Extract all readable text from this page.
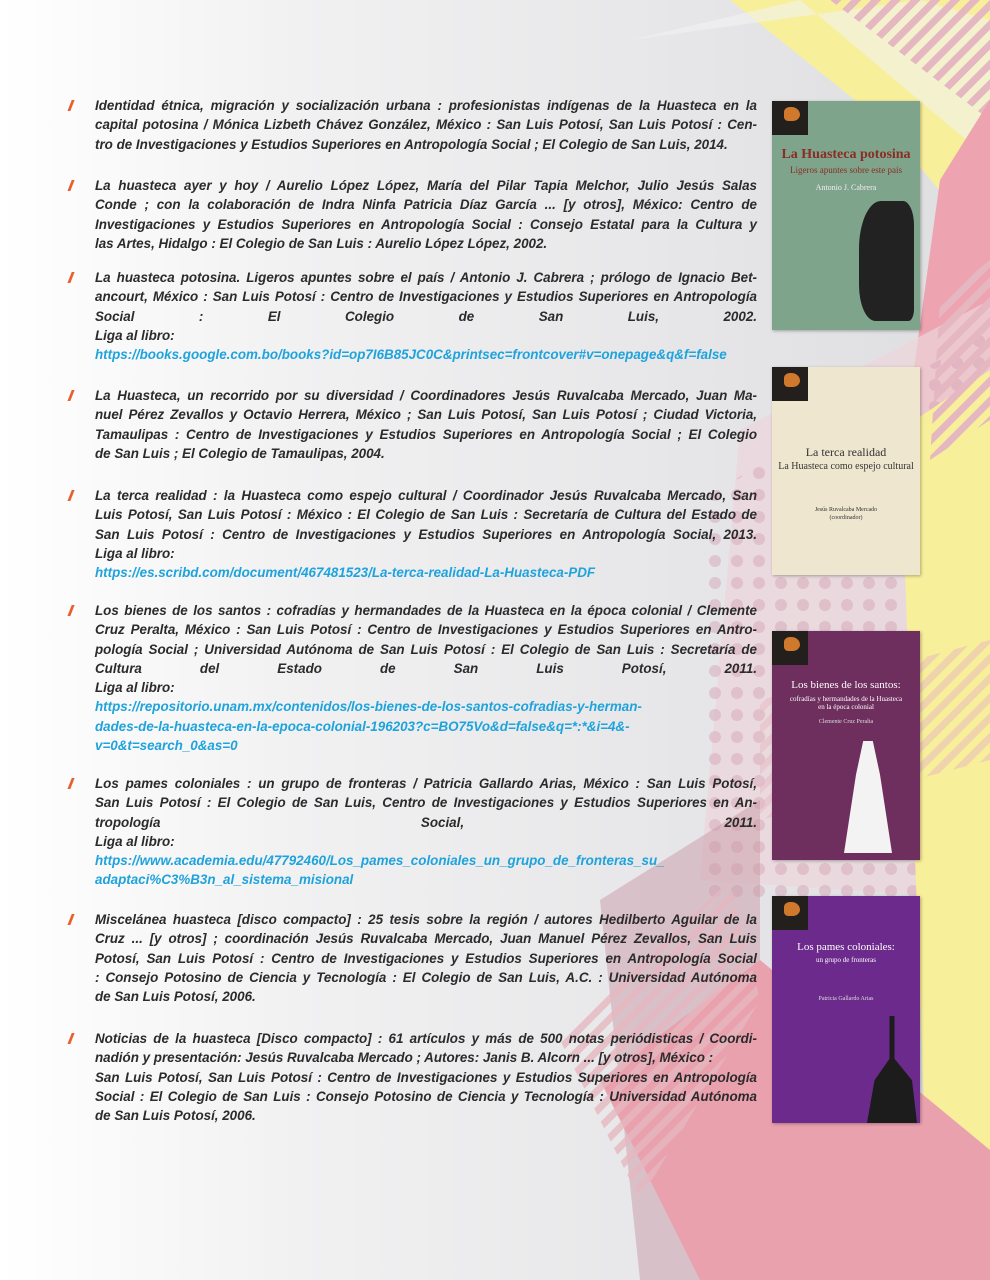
// Identidad étnica, migración y socialización urbana : profesionistas indígenas de la Huasteca en la
capital potosina / Mónica Lizbeth Chávez González, México : San Luis Potosí, San Luis Potosí : Cen-
tro de Investigaciones y Estudios Superiores en Antropología Social ; El Colegio de San Luis, 2014.
// La huasteca ayer y hoy / Aurelio López López, María del Pilar Tapia Melchor, Julio Jesús Salas
Conde ; con la colaboración de Indra Ninfa Patricia Díaz García ... [y otros], México: Centro de
Investigaciones y Estudios Superiores en Antropología Social : Consejo Estatal para la Cultura y
las Artes, Hidalgo : El Colegio de San Luis : Aurelio López López, 2002.
// La huasteca potosina. Ligeros apuntes sobre el país / Antonio J. Cabrera ; prólogo de Ignacio Bet-
ancourt, México : San Luis Potosí : Centro de Investigaciones y Estudios Superiores en Antropología
Social : El Colegio de San Luis, 2002.
Liga al libro:
https://books.google.com.bo/books?id=op7I6B85JC0C&printsec=frontcover#v=onepage&q&f=false
// La Huasteca, un recorrido por su diversidad / Coordinadores Jesús Ruvalcaba Mercado, Juan Ma-
nuel Pérez Zevallos y Octavio Herrera, México ; San Luis Potosí, San Luis Potosí ; Ciudad Victoria,
Tamaulipas : Centro de Investigaciones y Estudios Superiores en Antropología Social ; El Colegio
de San Luis ; El Colegio de Tamaulipas, 2004.
// La terca realidad : la Huasteca como espejo cultural / Coordinador Jesús Ruvalcaba Mercado, San
Luis Potosí, San Luis Potosí : México : El Colegio de San Luis : Secretaría de Cultura del Estado de
San Luis Potosí : Centro de Investigaciones y Estudios Superiores en Antropología Social, 2013.
Liga al libro:
https://es.scribd.com/document/467481523/La-terca-realidad-La-Huasteca-PDF
// Los bienes de los santos : cofradías y hermandades de la Huasteca en la época colonial / Clemente
Cruz Peralta, México : San Luis Potosí : Centro de Investigaciones y Estudios Superiores en Antro-
pología Social ; Universidad Autónoma de San Luis Potosí : El Colegio de San Luis : Secretaría de
Cultura del Estado de San Luis Potosí, 2011.
Liga al libro:
https://repositorio.unam.mx/contenidos/los-bienes-de-los-santos-cofradias-y-herman-
dades-de-la-huasteca-en-la-epoca-colonial-196203?c=BO75Vo&d=false&q=*:*&i=4&-
v=0&t=search_0&as=0
// Los pames coloniales : un grupo de fronteras / Patricia Gallardo Arias, México : San Luis Potosí,
San Luis Potosí : El Colegio de San Luis, Centro de Investigaciones y Estudios Superiores en An-
tropología Social, 2011.
Liga al libro:
https://www.academia.edu/47792460/Los_pames_coloniales_un_grupo_de_fronteras_su_
adaptaci%C3%B3n_al_sistema_misional
// Miscelánea huasteca [disco compacto] : 25 tesis sobre la región / autores Hedilberto Aguilar de la
Cruz ... [y otros] ; coordinación Jesús Ruvalcaba Mercado, Juan Manuel Pérez Zevallos, San Luis
Potosí, San Luis Potosí : Centro de Investigaciones y Estudios Superiores en Antropología Social
: Consejo Potosino de Ciencia y Tecnología : El Colegio de San Luis, A.C. : Universidad Autónoma
de San Luis Potosí, 2006.
// Noticias de la huasteca [Disco compacto] : 61 artículos y más de 500 notas periódisticas / Coordi-
nadión y presentación: Jesús Ruvalcaba Mercado ; Autores: Janis B. Alcorn ... [y otros], México :
San Luis Potosí, San Luis Potosí : Centro de Investigaciones y Estudios Superiores en Antropología
Social : El Colegio de San Luis : Consejo Potosino de Ciencia y Tecnología : Universidad Autónoma
de San Luis Potosí, 2006.
La Huasteca potosina
Ligeros apuntes sobre este país
Antonio J. Cabrera
La terca realidad
La Huasteca como espejo cultural
Jesús Ruvalcaba Mercado
(coordinador)
Los bienes de los santos:
cofradías y hermandades de la Huasteca en la época colonial
Clemente Cruz Peralta
Los pames coloniales:
un grupo de fronteras
Patricia Gallardo Arias
